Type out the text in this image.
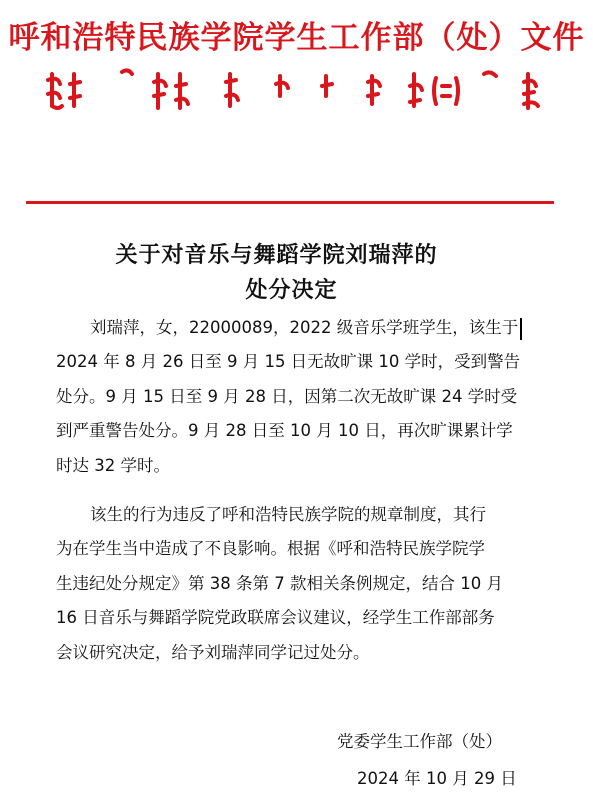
呼和浩特民族学院学生工作部（处）文件
关于对音乐与舞蹈学院刘瑞萍的
处分决定
刘瑞萍，女，22000089，2022 级音乐学班学生，该生于
2024 年 8 月 26 日至 9 月 15 日无故旷课 10 学时，受到警告
处分。9 月 15 日至 9 月 28 日，因第二次无故旷课 24 学时受
到严重警告处分。9 月 28 日至 10 月 10 日，再次旷课累计学
时达 32 学时。
该生的行为违反了呼和浩特民族学院的规章制度，其行
为在学生当中造成了不良影响。根据《呼和浩特民族学院学
生违纪处分规定》第 38 条第 7 款相关条例规定，结合 10 月
16 日音乐与舞蹈学院党政联席会议建议，经学生工作部部务
会议研究决定，给予刘瑞萍同学记过处分。
党委学生工作部（处）
2024 年 10 月 29 日
